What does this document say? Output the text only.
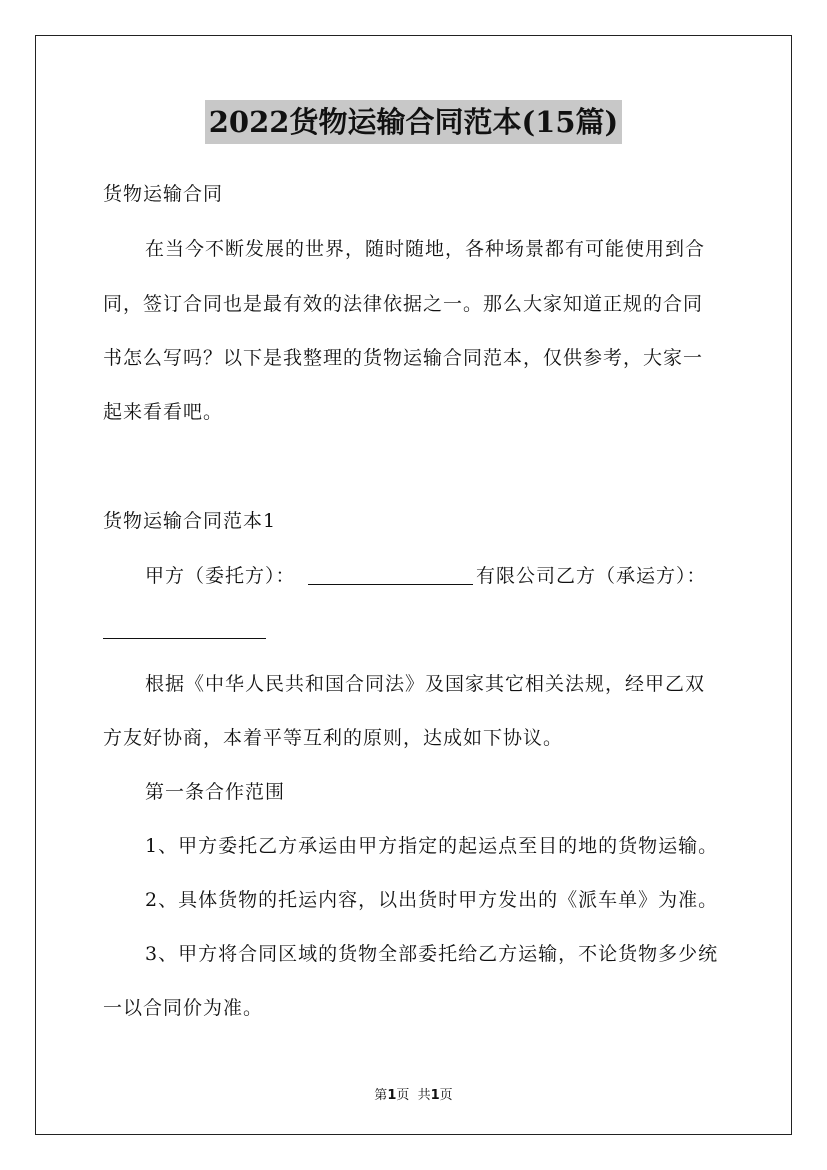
2022货物运输合同范本(15篇)
货物运输合同
在当今不断发展的世界，随时随地，各种场景都有可能使用到合
同，签订合同也是最有效的法律依据之一。那么大家知道正规的合同
书怎么写吗？以下是我整理的货物运输合同范本，仅供参考，大家一
起来看看吧。
货物运输合同范本1
甲方（委托方）：	有限公司乙方（承运方）：
根据《中华人民共和国合同法》及国家其它相关法规，经甲乙双
方友好协商，本着平等互利的原则，达成如下协议。
第一条合作范围
1、甲方委托乙方承运由甲方指定的起运点至目的地的货物运输。
2、具体货物的托运内容，以出货时甲方发出的《派车单》为准。
3、甲方将合同区域的货物全部委托给乙方运输，不论货物多少统
一以合同价为准。
第1页  共1页
